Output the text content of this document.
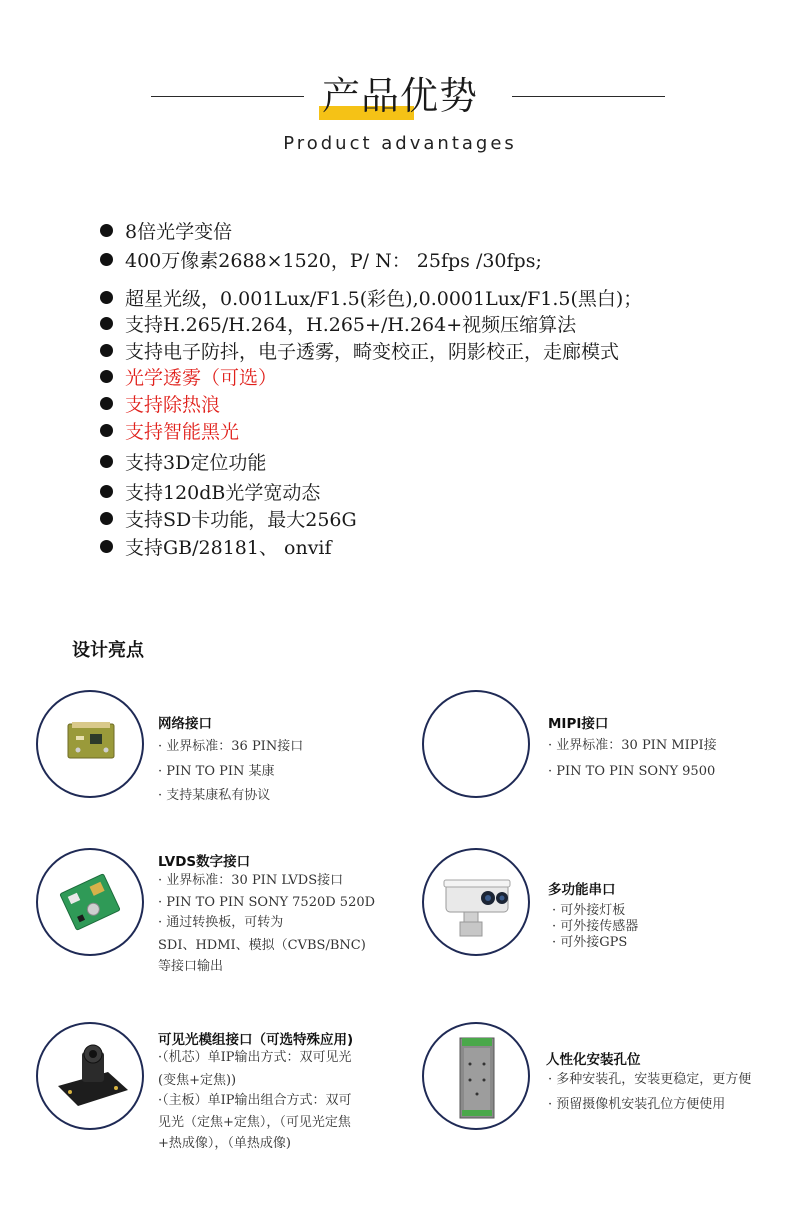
产品优势
Product advantages
8倍光学变倍
400万像素2688×1520，P/ N： 25fps /30fps;
超星光级，0.001Lux/F1.5(彩色),0.0001Lux/F1.5(黑白)；
支持H.265/H.264，H.265+/H.264+视频压缩算法
支持电子防抖，电子透雾，畸变校正，阴影校正，走廊模式
光学透雾（可选）
支持除热浪
支持智能黑光
支持3D定位功能
支持120dB光学宽动态
支持SD卡功能，最大256G
支持GB/28181、 onvif
设计亮点
网络接口
· 业界标准：36 PIN接口
· PIN TO PIN 某康
· 支持某康私有协议
MIPI接口
· 业界标准：30 PIN MIPI接
· PIN TO PIN SONY 9500
LVDS数字接口
· 业界标准：30 PIN LVDS接口
· PIN TO PIN SONY 7520D 520D
· 通过转换板，可转为
SDI、HDMI、模拟（CVBS/BNC)
等接口输出
多功能串口
· 可外接灯板
· 可外接传感器
· 可外接GPS
可见光模组接口（可选特殊应用)
·（机芯）单IP输出方式：双可见光
(变焦+定焦))
·（主板）单IP输出组合方式：双可
见光（定焦+定焦），（可见光定焦
+热成像），（单热成像)
人性化安装孔位
· 多种安装孔，安装更稳定，更方便
· 预留摄像机安装孔位方便使用
